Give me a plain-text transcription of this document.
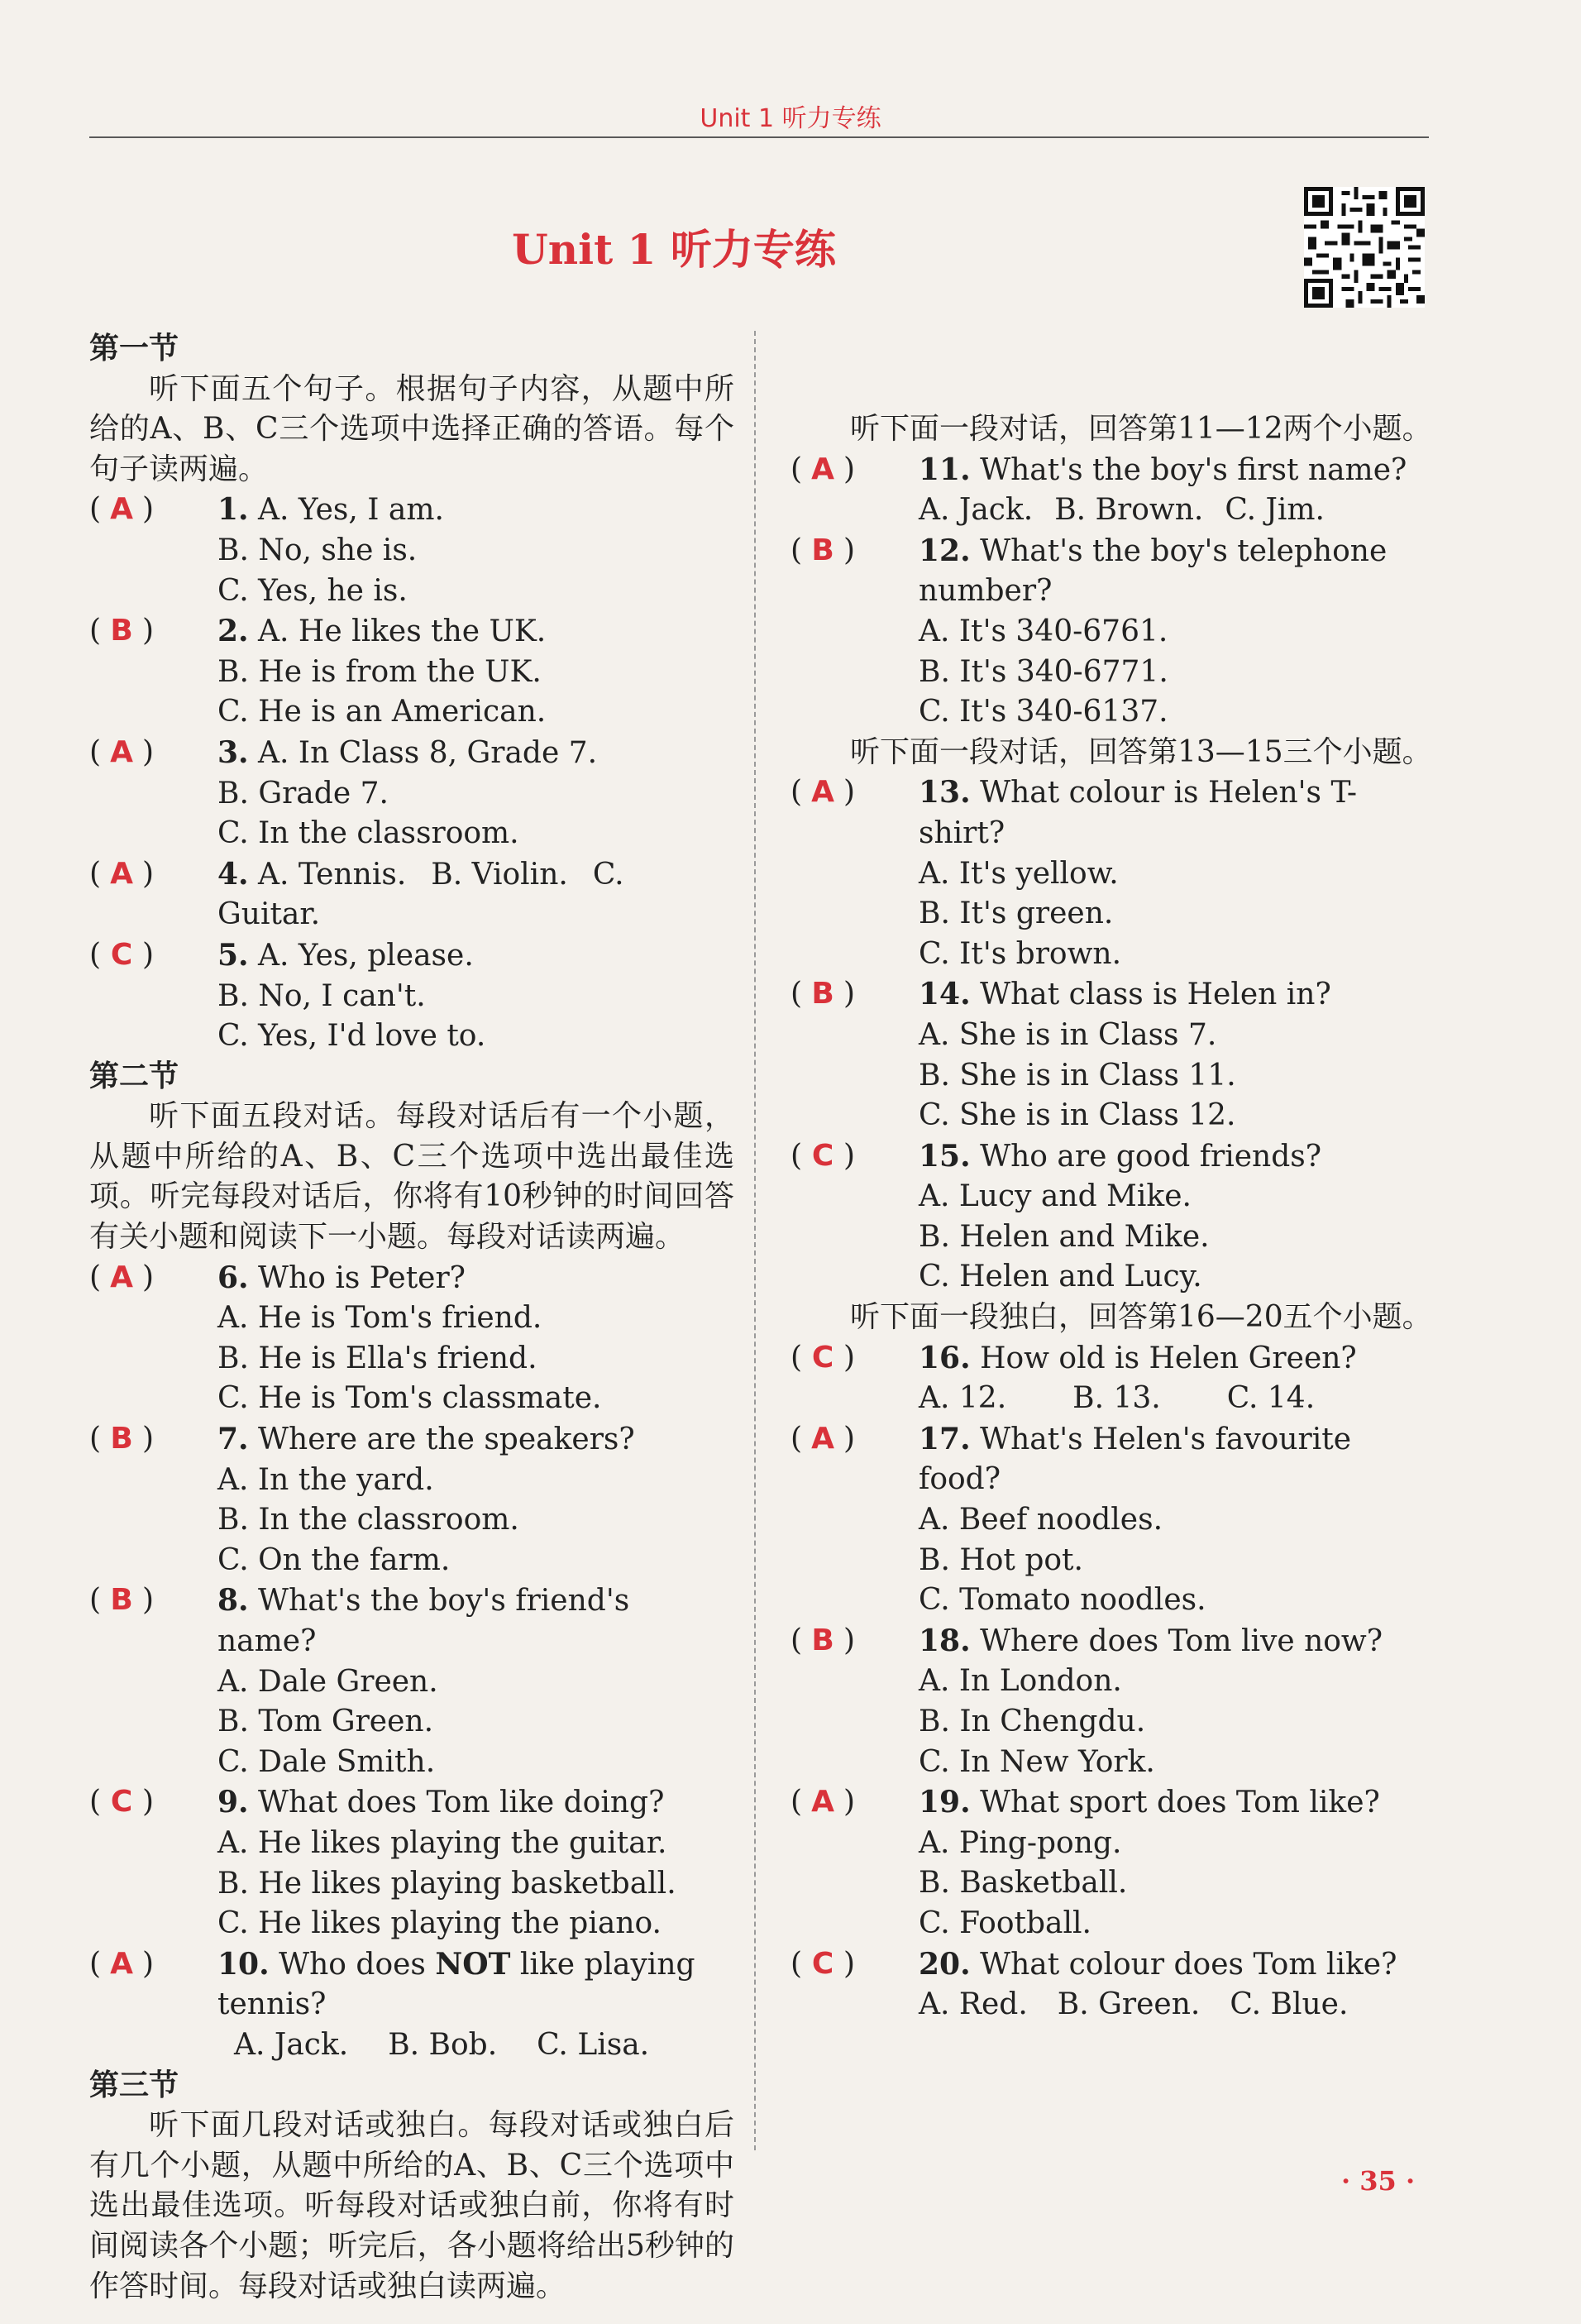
Unit 1 听力专练
Unit 1 听力专练
第一节
听下面五个句子。根据句子内容，从题中所给的A、B、C三个选项中选择正确的答语。每个句子读两遍。
( A )	1. A. Yes, I am.
B. No, she is.
C. Yes, he is.
( B )	2. A. He likes the UK.
B. He is from the UK.
C. He is an American.
( A )	3. A. In Class 8, Grade 7.
B. Grade 7.
C. In the classroom.
( A )	4. A. Tennis. B. Violin. C. Guitar.
( C )	5. A. Yes, please.
B. No, I can't.
C. Yes, I'd love to.
第二节
听下面五段对话。每段对话后有一个小题，从题中所给的A、B、C三个选项中选出最佳选项。听完每段对话后，你将有10秒钟的时间回答有关小题和阅读下一小题。每段对话读两遍。
( A )	6. Who is Peter?
A. He is Tom's friend.
B. He is Ella's friend.
C. He is Tom's classmate.
( B )	7. Where are the speakers?
A. In the yard.
B. In the classroom.
C. On the farm.
( B )	8. What's the boy's friend's name?
A. Dale Green.
B. Tom Green.
C. Dale Smith.
( C )	9. What does Tom like doing?
A. He likes playing the guitar.
B. He likes playing basketball.
C. He likes playing the piano.
( A )	10. Who does NOT like playing tennis?
A. Jack. B. Bob. C. Lisa.
第三节
听下面几段对话或独白。每段对话或独白后有几个小题，从题中所给的A、B、C三个选项中选出最佳选项。听每段对话或独白前，你将有时间阅读各个小题；听完后，各小题将给出5秒钟的作答时间。每段对话或独白读两遍。
听下面一段对话，回答第11—12两个小题。
( A )	11. What's the boy's first name?
A. Jack. B. Brown. C. Jim.
( B )	12. What's the boy's telephone number?
A. It's 340-6761.
B. It's 340-6771.
C. It's 340-6137.
听下面一段对话，回答第13—15三个小题。
( A )	13. What colour is Helen's T-shirt?
A. It's yellow.
B. It's green.
C. It's brown.
( B )	14. What class is Helen in?
A. She is in Class 7.
B. She is in Class 11.
C. She is in Class 12.
( C )	15. Who are good friends?
A. Lucy and Mike.
B. Helen and Mike.
C. Helen and Lucy.
听下面一段独白，回答第16—20五个小题。
( C )	16. How old is Helen Green?
A. 12. B. 13. C. 14.
( A )	17. What's Helen's favourite food?
A. Beef noodles.
B. Hot pot.
C. Tomato noodles.
( B )	18. Where does Tom live now?
A. In London.
B. In Chengdu.
C. In New York.
( A )	19. What sport does Tom like?
A. Ping-pong.
B. Basketball.
C. Football.
( C )	20. What colour does Tom like?
A. Red. B. Green. C. Blue.
· 35 ·
